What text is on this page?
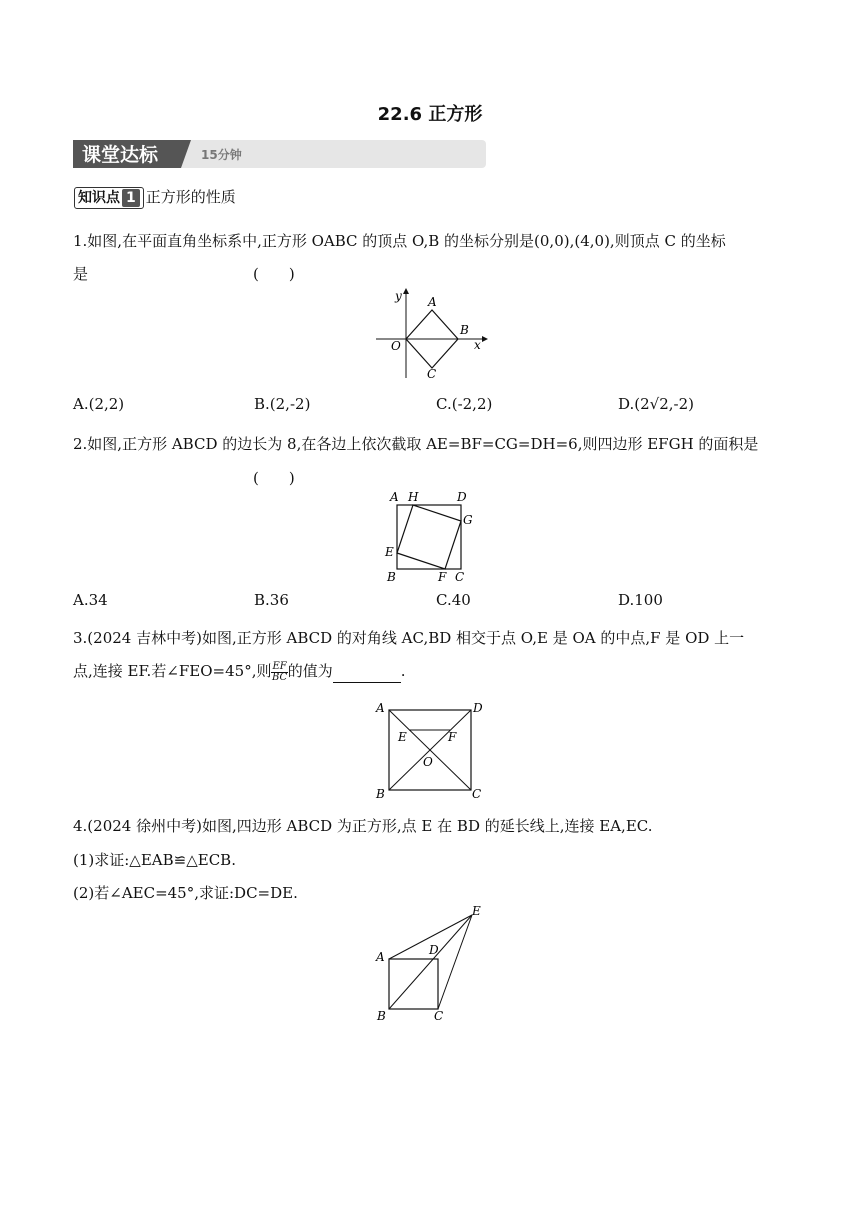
22.6 正方形
课堂达标	15分钟
知识点 1 正方形的性质
1.如图,在平面直角坐标系中,正方形 OABC 的顶点 O,B 的坐标分别是(0,0),(4,0),则顶点 C 的坐标
是	(　　)
y
x
O
A
B
C
A.(2,2)	B.(2,-2)	C.(-2,2)	D.(2√2,-2)
2.如图,正方形 ABCD 的边长为 8,在各边上依次截取 AE=BF=CG=DH=6,则四边形 EFGH 的面积是
(　　)
A H	D
G
E
B	F C
A.34	B.36	C.40	D.100
3.(2024 吉林中考)如图,正方形 ABCD 的对角线 AC,BD 相交于点 O,E 是 OA 的中点,F 是 OD 上一
点,连接 EF.若∠FEO=45°,则 $\frac{EF}{BC}$ 的值为	.
A	D
E	F
O
B	C
4.(2024 徐州中考)如图,四边形 ABCD 为正方形,点 E 在 BD 的延长线上,连接 EA,EC.
(1)求证:△EAB≌△ECB.
(2)若∠AEC=45°,求证:DC=DE.
E
A	D
B	C
